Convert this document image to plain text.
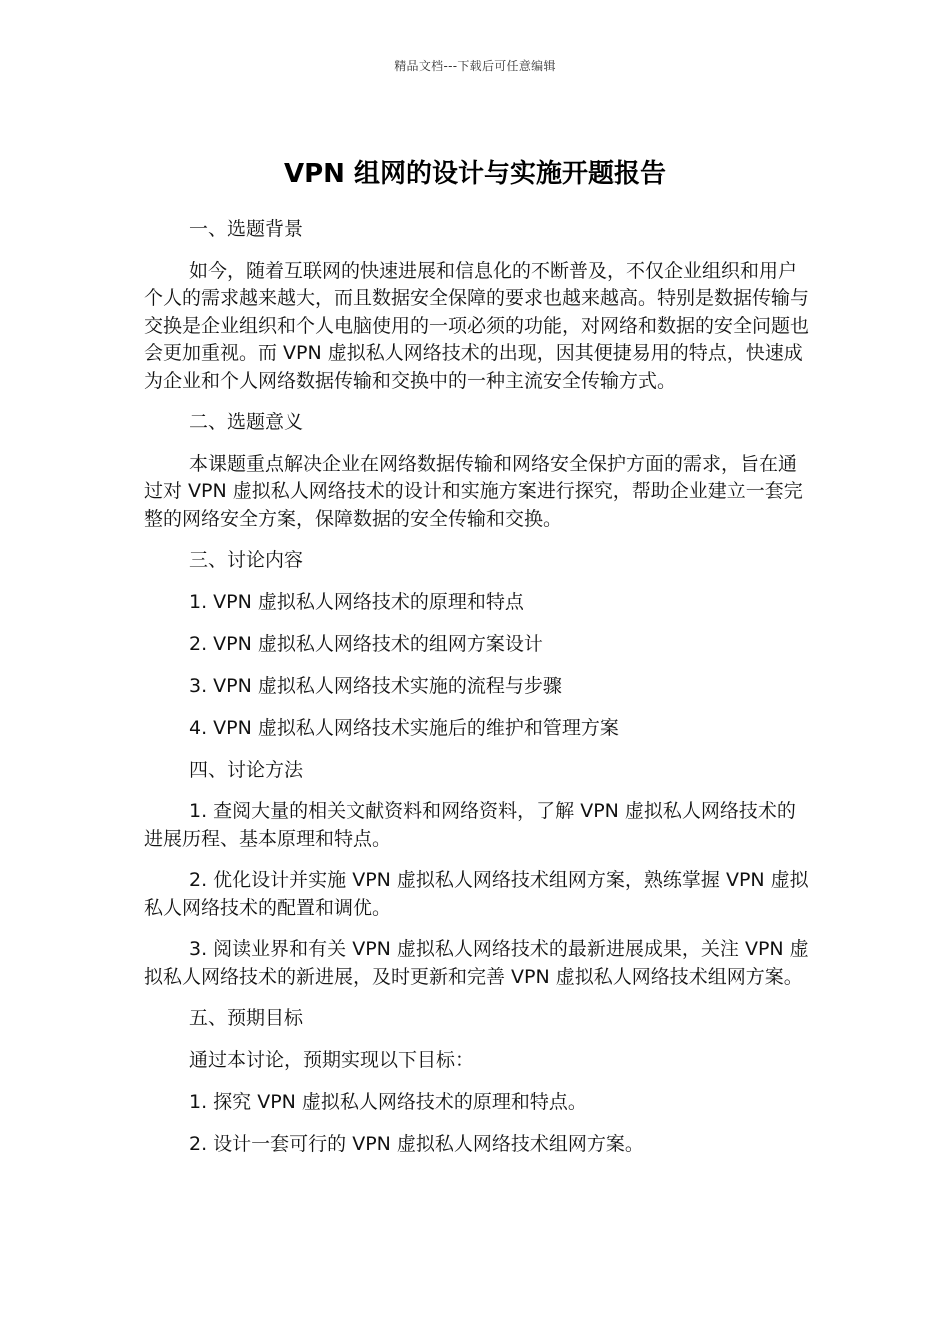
精品文档---下载后可任意编辑
VPN 组网的设计与实施开题报告

一、选题背景

如今，随着互联网的快速进展和信息化的不断普及，不仅企业组织和用户个人的需求越来越大，而且数据安全保障的要求也越来越高。特别是数据传输与交换是企业组织和个人电脑使用的一项必须的功能，对网络和数据的安全问题也会更加重视。而 VPN 虚拟私人网络技术的出现，因其便捷易用的特点，快速成为企业和个人网络数据传输和交换中的一种主流安全传输方式。

二、选题意义

本课题重点解决企业在网络数据传输和网络安全保护方面的需求，旨在通过对 VPN 虚拟私人网络技术的设计和实施方案进行探究，帮助企业建立一套完整的网络安全方案，保障数据的安全传输和交换。

三、讨论内容

1. VPN 虚拟私人网络技术的原理和特点

2. VPN 虚拟私人网络技术的组网方案设计

3. VPN 虚拟私人网络技术实施的流程与步骤

4. VPN 虚拟私人网络技术实施后的维护和管理方案

四、讨论方法

1. 查阅大量的相关文献资料和网络资料，了解 VPN 虚拟私人网络技术的进展历程、基本原理和特点。

2. 优化设计并实施 VPN 虚拟私人网络技术组网方案，熟练掌握 VPN 虚拟私人网络技术的配置和调优。

3. 阅读业界和有关 VPN 虚拟私人网络技术的最新进展成果，关注 VPN 虚拟私人网络技术的新进展，及时更新和完善 VPN 虚拟私人网络技术组网方案。

五、预期目标

通过本讨论，预期实现以下目标：

1. 探究 VPN 虚拟私人网络技术的原理和特点。

2. 设计一套可行的 VPN 虚拟私人网络技术组网方案。
